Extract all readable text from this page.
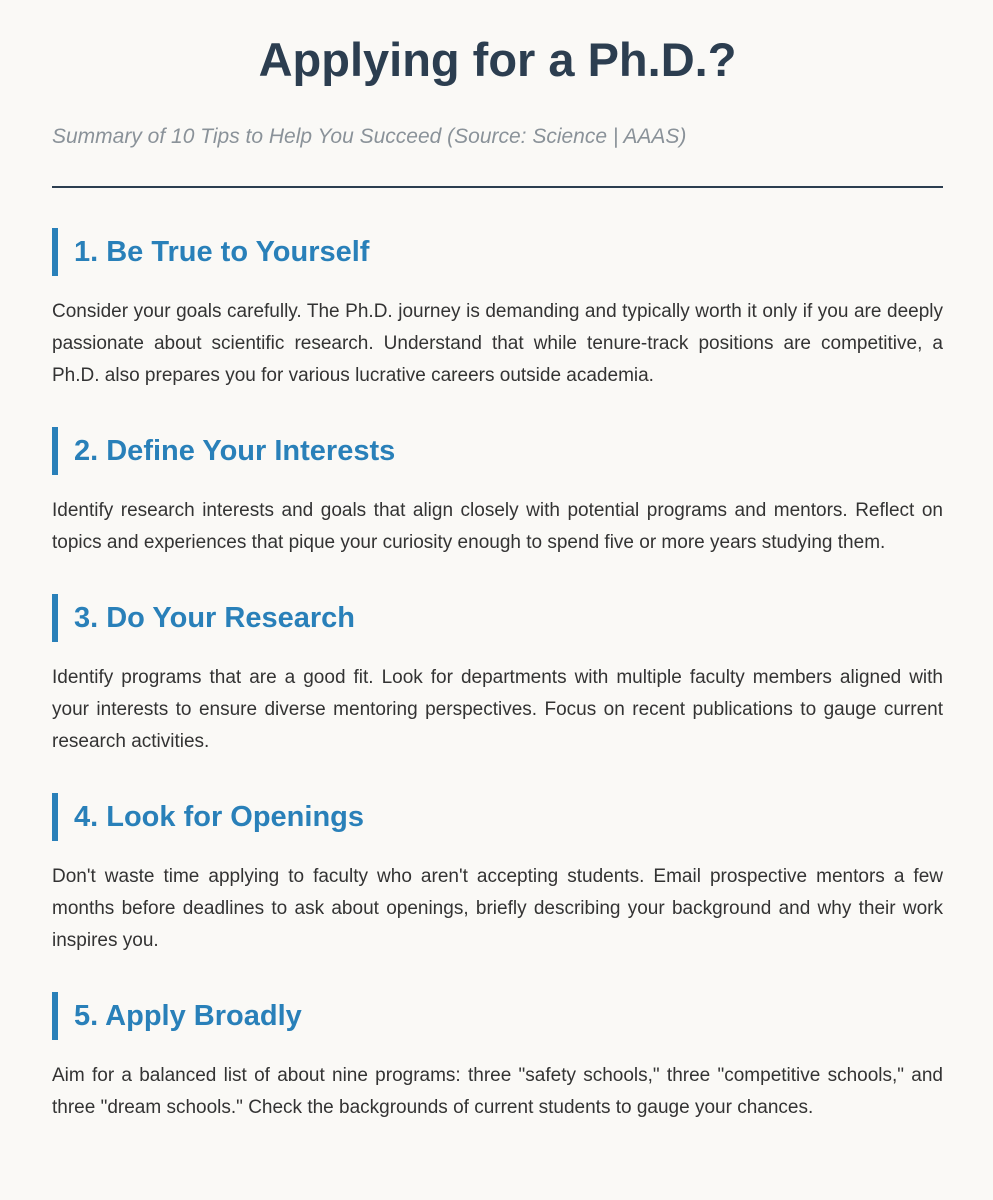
Applying for a Ph.D.?

Summary of 10 Tips to Help You Succeed (Source: Science | AAAS)

1. Be True to Yourself

Consider your goals carefully. The Ph.D. journey is demanding and typically worth it only if you are deeply passionate about scientific research. Understand that while tenure-track positions are competitive, a Ph.D. also prepares you for various lucrative careers outside academia.

2. Define Your Interests

Identify research interests and goals that align closely with potential programs and mentors. Reflect on topics and experiences that pique your curiosity enough to spend five or more years studying them.

3. Do Your Research

Identify programs that are a good fit. Look for departments with multiple faculty members aligned with your interests to ensure diverse mentoring perspectives. Focus on recent publications to gauge current research activities.

4. Look for Openings

Don't waste time applying to faculty who aren't accepting students. Email prospective mentors a few months before deadlines to ask about openings, briefly describing your background and why their work inspires you.

5. Apply Broadly

Aim for a balanced list of about nine programs: three "safety schools," three "competitive schools," and three "dream schools." Check the backgrounds of current students to gauge your chances.
